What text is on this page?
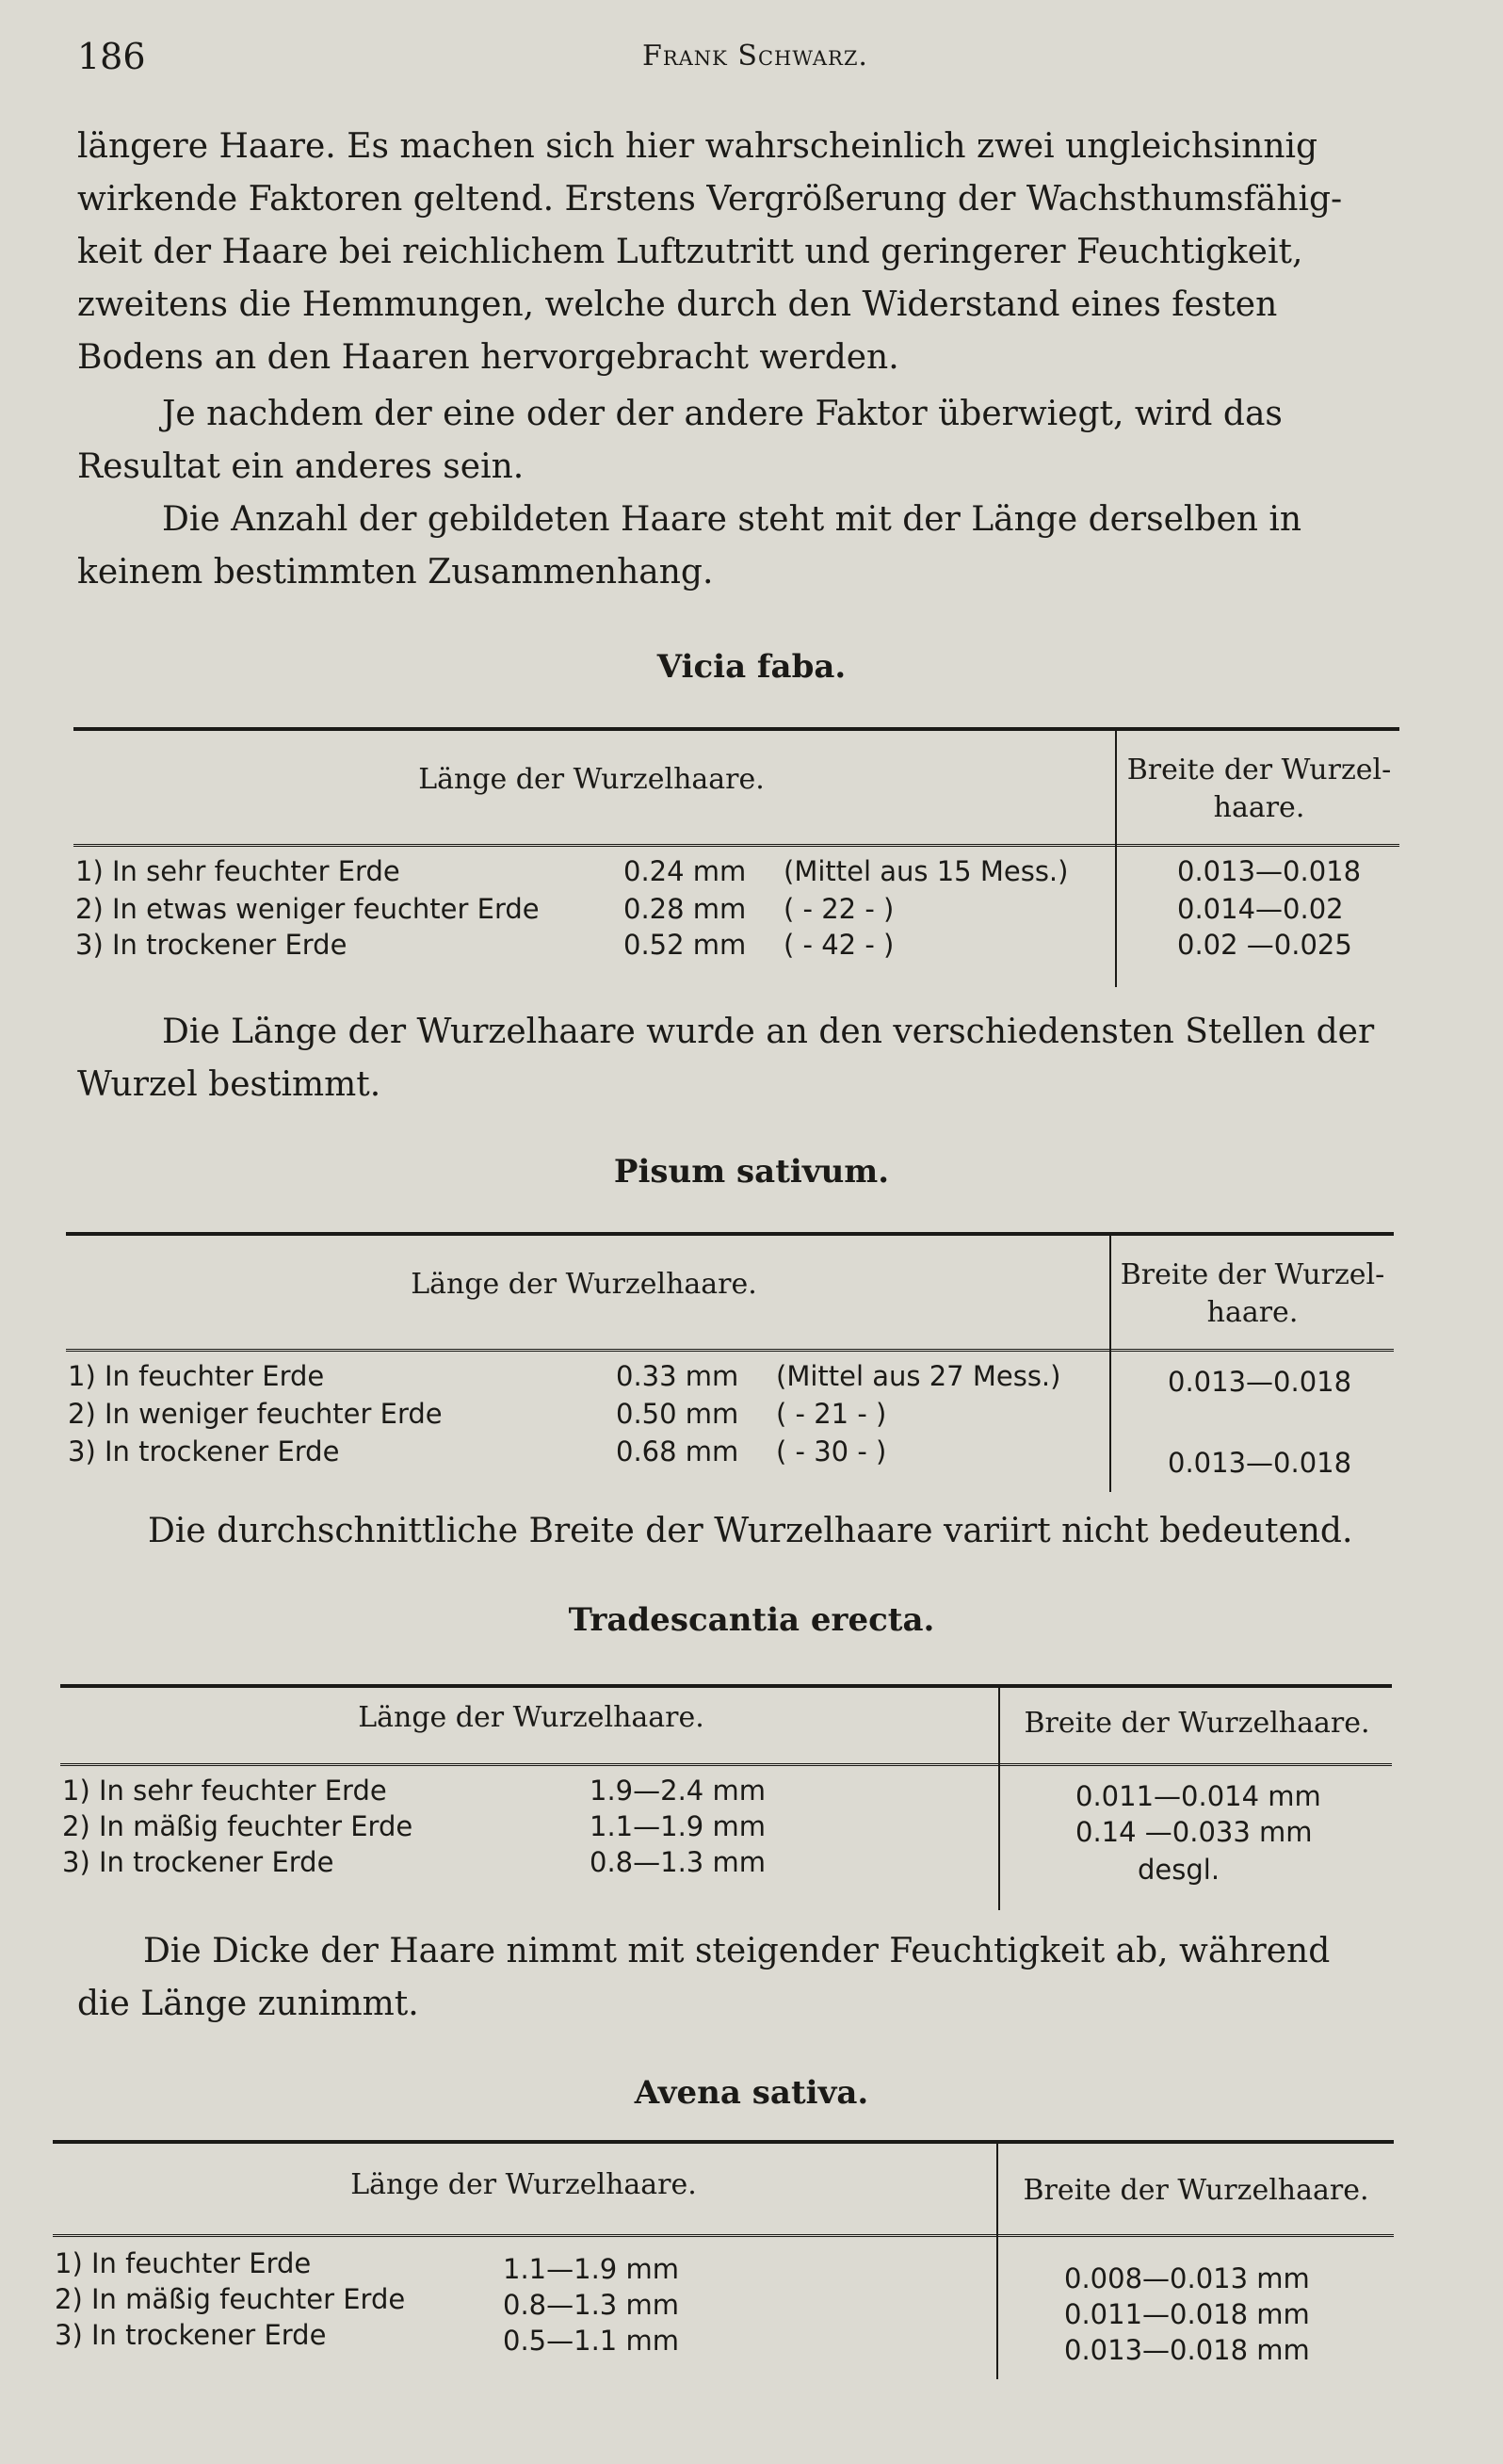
186	Frank Schwarz.
längere Haare. Es machen sich hier wahrscheinlich zwei ungleichsinnig
wirkende Faktoren geltend. Erstens Vergrößerung der Wachsthumsfähig-
keit der Haare bei reichlichem Luftzutritt und geringerer Feuchtigkeit,
zweitens die Hemmungen, welche durch den Widerstand eines festen
Bodens an den Haaren hervorgebracht werden.
Je nachdem der eine oder der andere Faktor überwiegt, wird das
Resultat ein anderes sein.
Die Anzahl der gebildeten Haare steht mit der Länge derselben in
keinem bestimmten Zusammenhang.
Vicia faba.
Länge der Wurzelhaare.	Breite der Wurzel-
haare.
1) In sehr feuchter Erde	0.24 mm (Mittel aus 15 Mess.)	0.013—0.018
2) In etwas weniger feuchter Erde	0.28 mm ( - 22 - )	0.014—0.02
3) In trockener Erde	0.52 mm ( - 42 - )	0.02 —0.025
Die Länge der Wurzelhaare wurde an den verschiedensten Stellen der
Wurzel bestimmt.
Pisum sativum.
Länge der Wurzelhaare.	Breite der Wurzel-
haare.
1) In feuchter Erde	0.33 mm (Mittel aus 27 Mess.)	0.013—0.018
2) In weniger feuchter Erde	0.50 mm ( - 21 - )
3) In trockener Erde	0.68 mm ( - 30 - )	0.013—0.018
Die durchschnittliche Breite der Wurzelhaare variirt nicht bedeutend.
Tradescantia erecta.
Länge der Wurzelhaare.	Breite der Wurzelhaare.
1) In sehr feuchter Erde	1.9—2.4 mm	0.011—0.014 mm
2) In mäßig feuchter Erde	1.1—1.9 mm	0.14 —0.033 mm
3) In trockener Erde	0.8—1.3 mm	desgl.
Die Dicke der Haare nimmt mit steigender Feuchtigkeit ab, während
die Länge zunimmt.
Avena sativa.
Länge der Wurzelhaare.	Breite der Wurzelhaare.
1) In feuchter Erde	1.1—1.9 mm	0.008—0.013 mm
2) In mäßig feuchter Erde	0.8—1.3 mm	0.011—0.018 mm
3) In trockener Erde	0.5—1.1 mm	0.013—0.018 mm
